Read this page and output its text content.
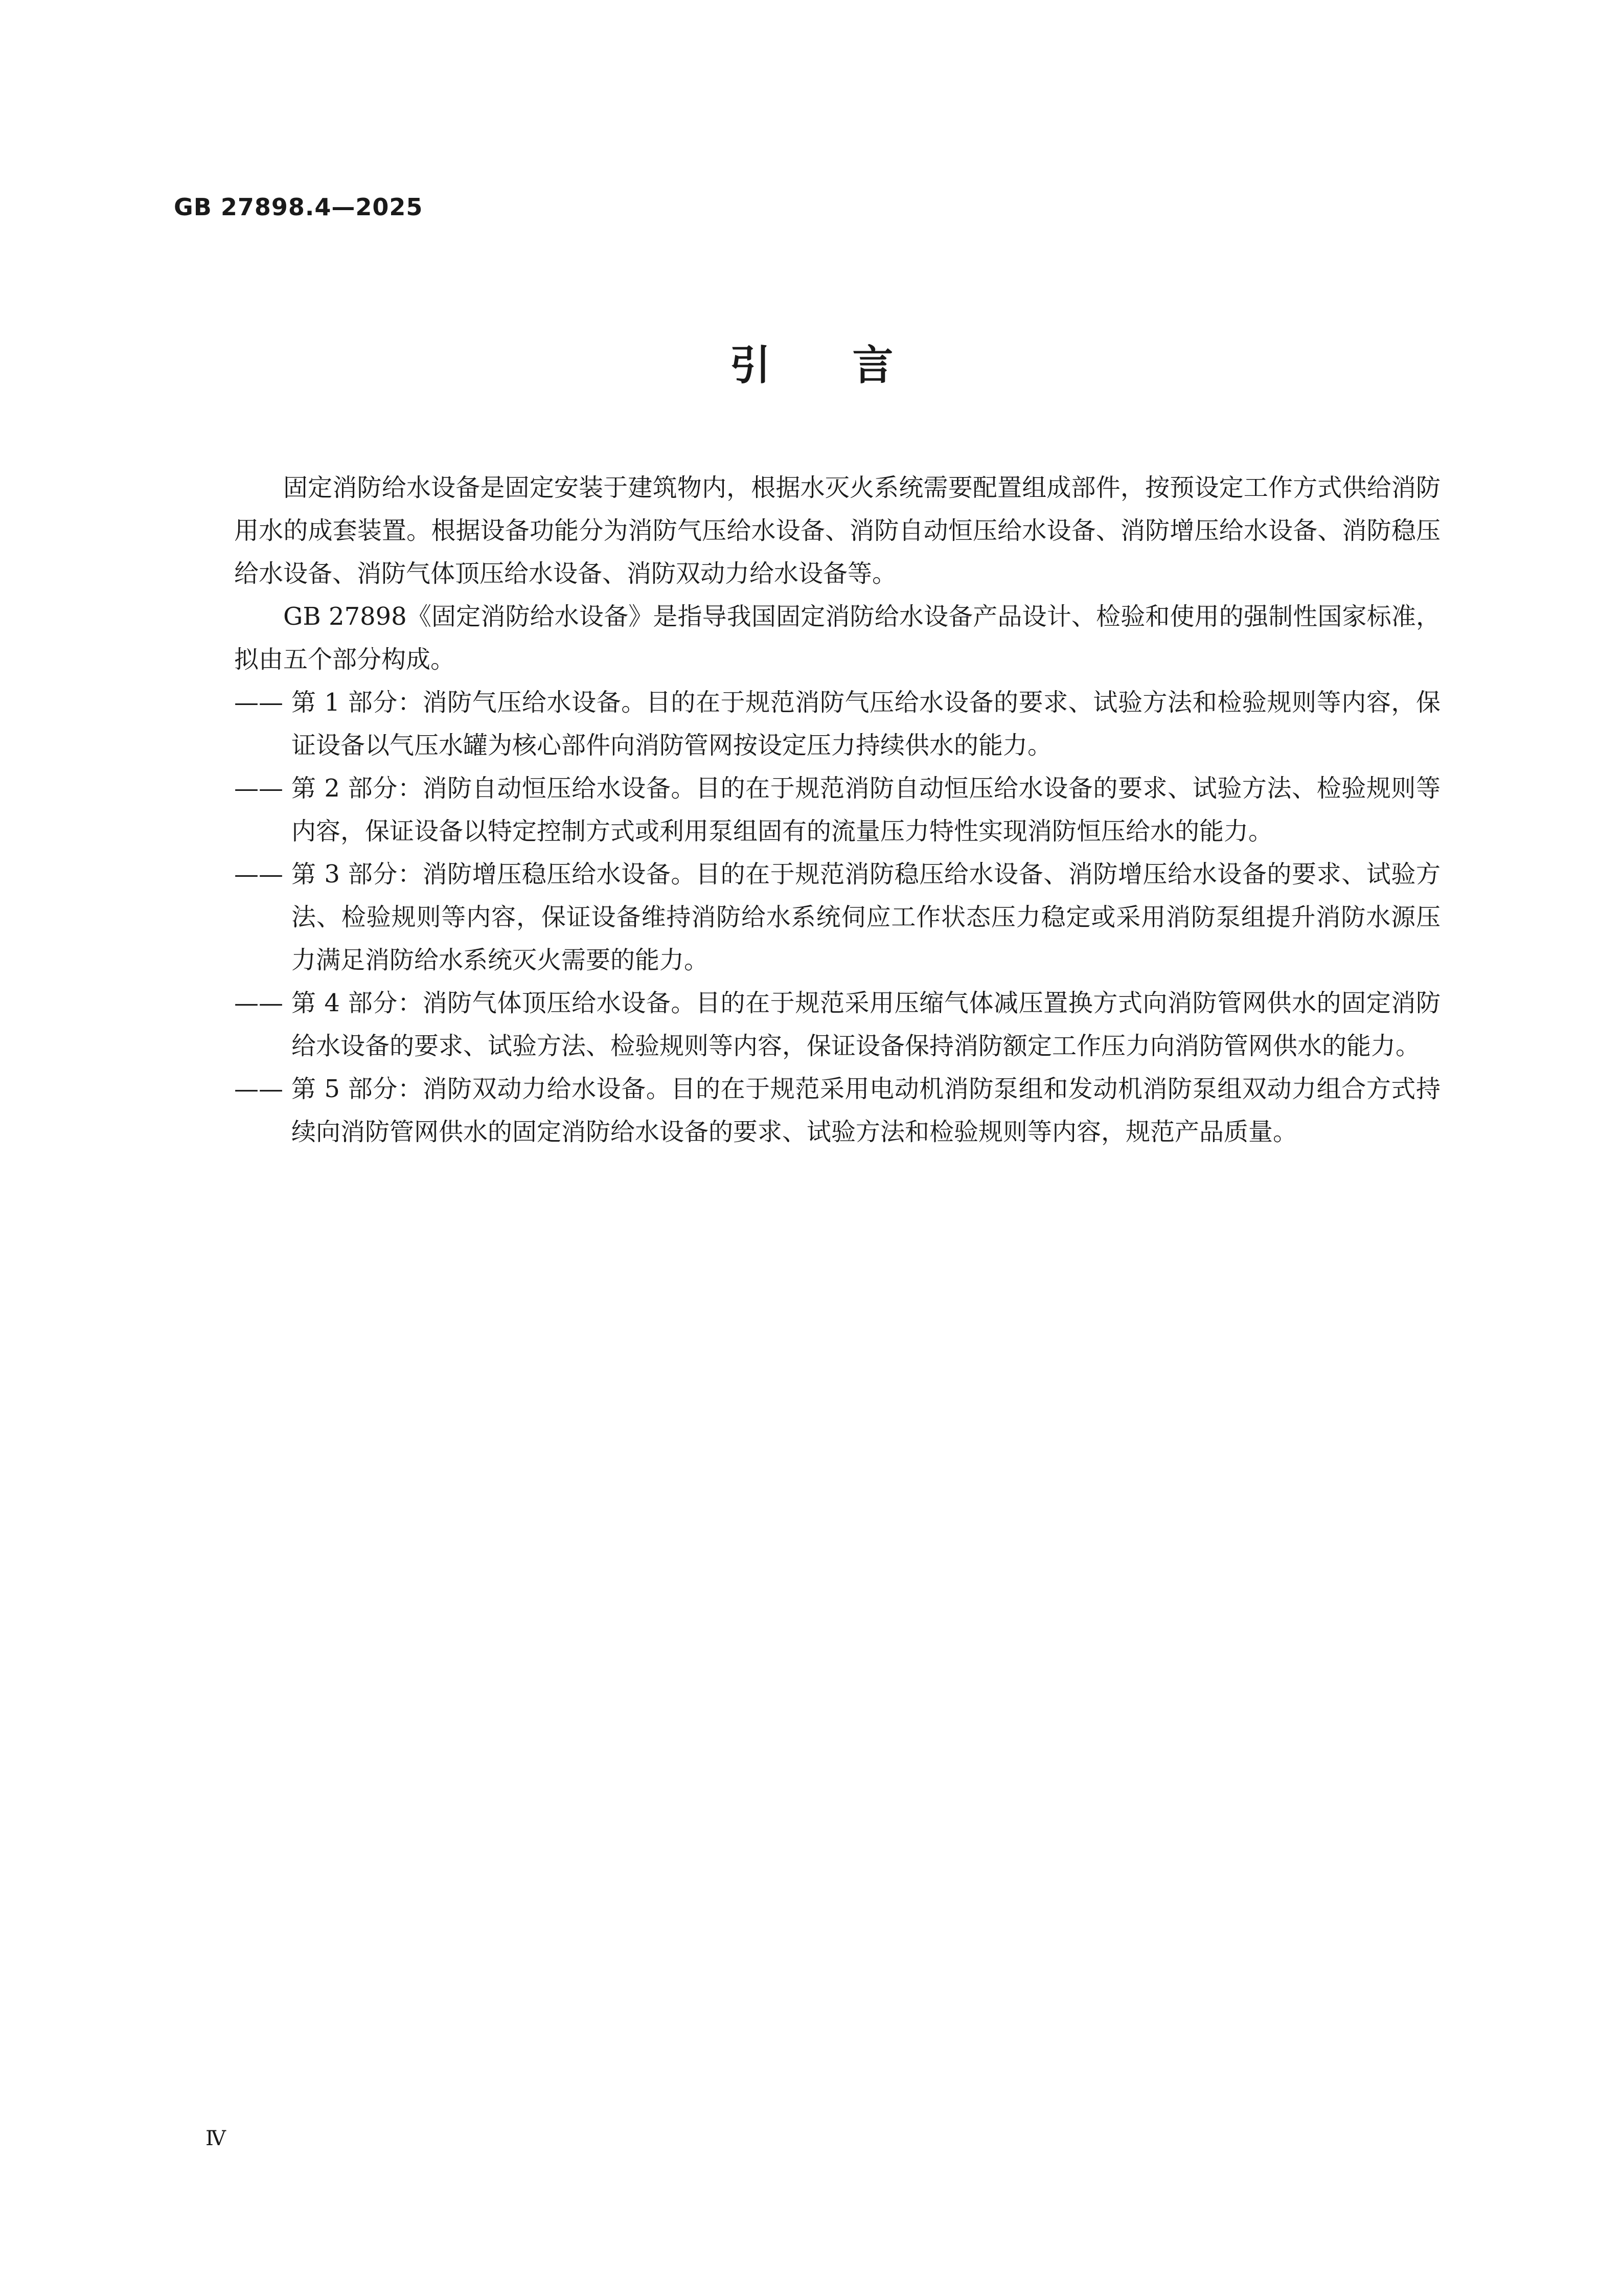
GB 27898.4—2025
引言

固定消防给水设备是固定安装于建筑物内，根据水灭火系统需要配置组成部件，按预设定工作方式供给消防用水的成套装置。根据设备功能分为消防气压给水设备、消防自动恒压给水设备、消防增压给水设备、消防稳压给水设备、消防气体顶压给水设备、消防双动力给水设备等。

GB 27898《固定消防给水设备》是指导我国固定消防给水设备产品设计、检验和使用的强制性国家标准，拟由五个部分构成。

—— 第 1 部分：消防气压给水设备。目的在于规范消防气压给水设备的要求、试验方法和检验规则等内容，保证设备以气压水罐为核心部件向消防管网按设定压力持续供水的能力。

—— 第 2 部分：消防自动恒压给水设备。目的在于规范消防自动恒压给水设备的要求、试验方法、检验规则等内容，保证设备以特定控制方式或利用泵组固有的流量压力特性实现消防恒压给水的能力。

—— 第 3 部分：消防增压稳压给水设备。目的在于规范消防稳压给水设备、消防增压给水设备的要求、试验方法、检验规则等内容，保证设备维持消防给水系统伺应工作状态压力稳定或采用消防泵组提升消防水源压力满足消防给水系统灭火需要的能力。

—— 第 4 部分：消防气体顶压给水设备。目的在于规范采用压缩气体减压置换方式向消防管网供水的固定消防给水设备的要求、试验方法、检验规则等内容，保证设备保持消防额定工作压力向消防管网供水的能力。

—— 第 5 部分：消防双动力给水设备。目的在于规范采用电动机消防泵组和发动机消防泵组双动力组合方式持续向消防管网供水的固定消防给水设备的要求、试验方法和检验规则等内容，规范产品质量。

Ⅳ
